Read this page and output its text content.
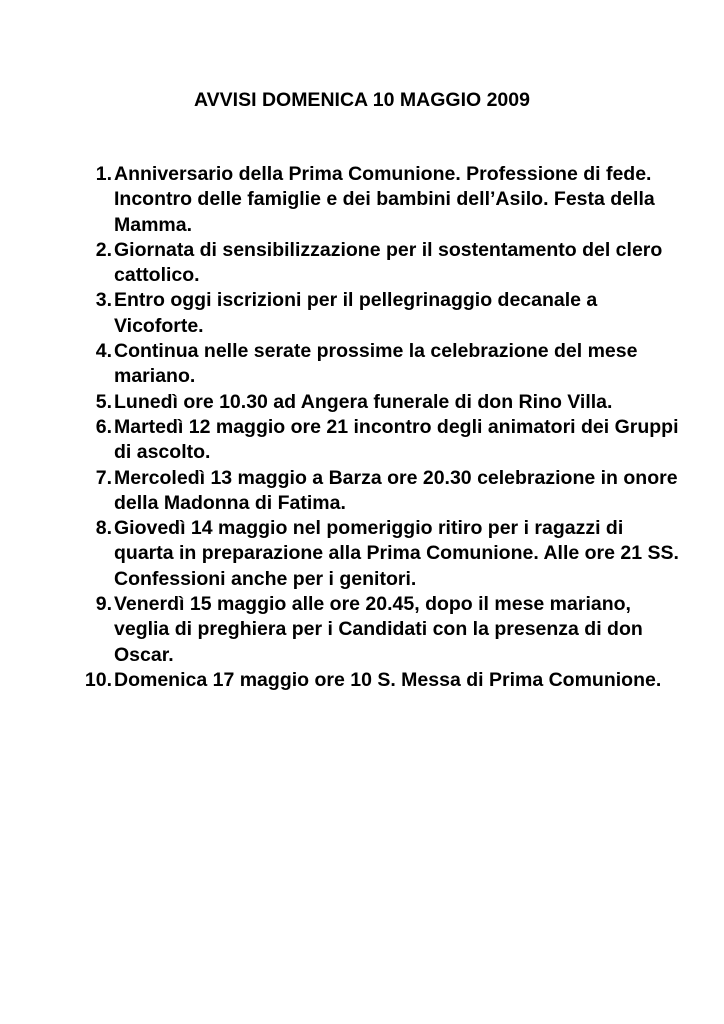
AVVISI DOMENICA 10 MAGGIO 2009
1. Anniversario della Prima Comunione. Professione di fede. Incontro delle famiglie e dei bambini dell’Asilo. Festa della Mamma.
2. Giornata di sensibilizzazione per il sostentamento del clero cattolico.
3. Entro oggi iscrizioni per il pellegrinaggio decanale a Vicoforte.
4. Continua nelle serate prossime la celebrazione del mese mariano.
5. Lunedì ore 10.30 ad Angera funerale di don Rino Villa.
6. Martedì 12 maggio ore 21 incontro degli animatori dei Gruppi di ascolto.
7. Mercoledì 13 maggio a Barza ore 20.30 celebrazione in onore della Madonna di Fatima.
8. Giovedì 14 maggio nel pomeriggio ritiro per i ragazzi di quarta in preparazione alla Prima Comunione. Alle ore 21 SS. Confessioni anche per i genitori.
9. Venerdì 15 maggio alle ore 20.45, dopo il mese mariano, veglia di preghiera per i Candidati con la presenza di don Oscar.
10. Domenica 17 maggio ore 10 S. Messa di Prima Comunione.
